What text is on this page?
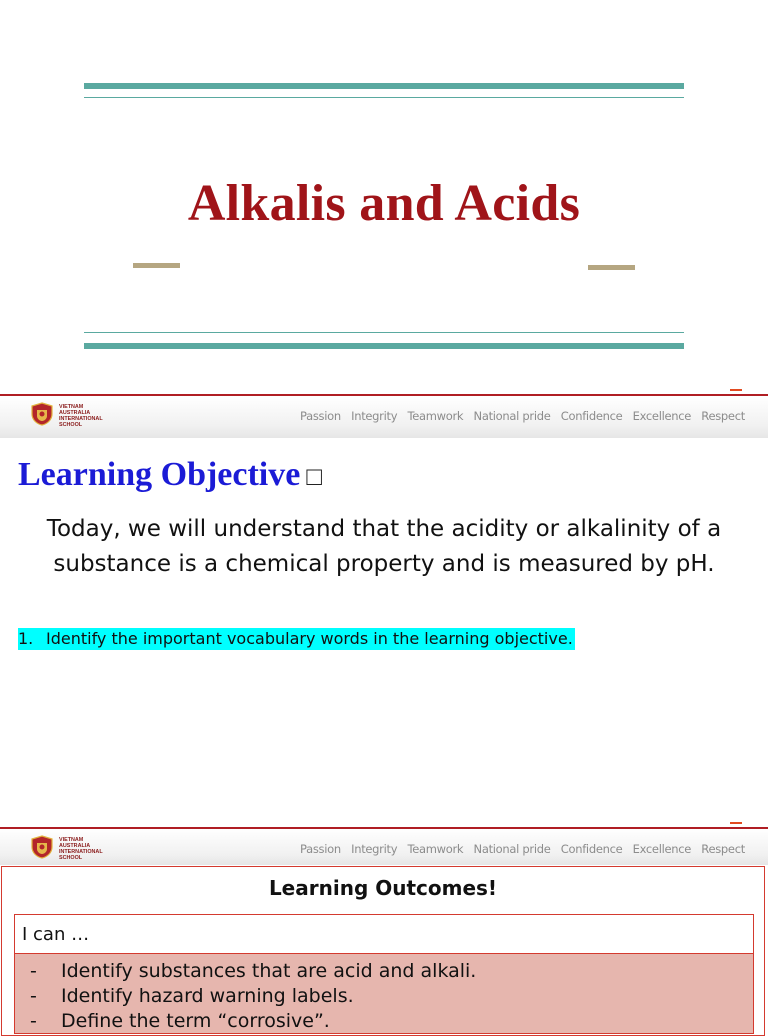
Alkalis and Acids
VIETNAM
AUSTRALIA
INTERNATIONAL
SCHOOL
Passion Integrity Teamwork National pride Confidence Excellence Respect
Learning Objective □
Today, we will understand that the acidity or alkalinity of a
substance is a chemical property and is measured by pH.
1. Identify the important vocabulary words in the learning objective.
VIETNAM
AUSTRALIA
INTERNATIONAL
SCHOOL
Passion Integrity Teamwork National pride Confidence Excellence Respect
Learning Outcomes!
I can …
- Identify substances that are acid and alkali.
- Identify hazard warning labels.
- Define the term “corrosive”.
